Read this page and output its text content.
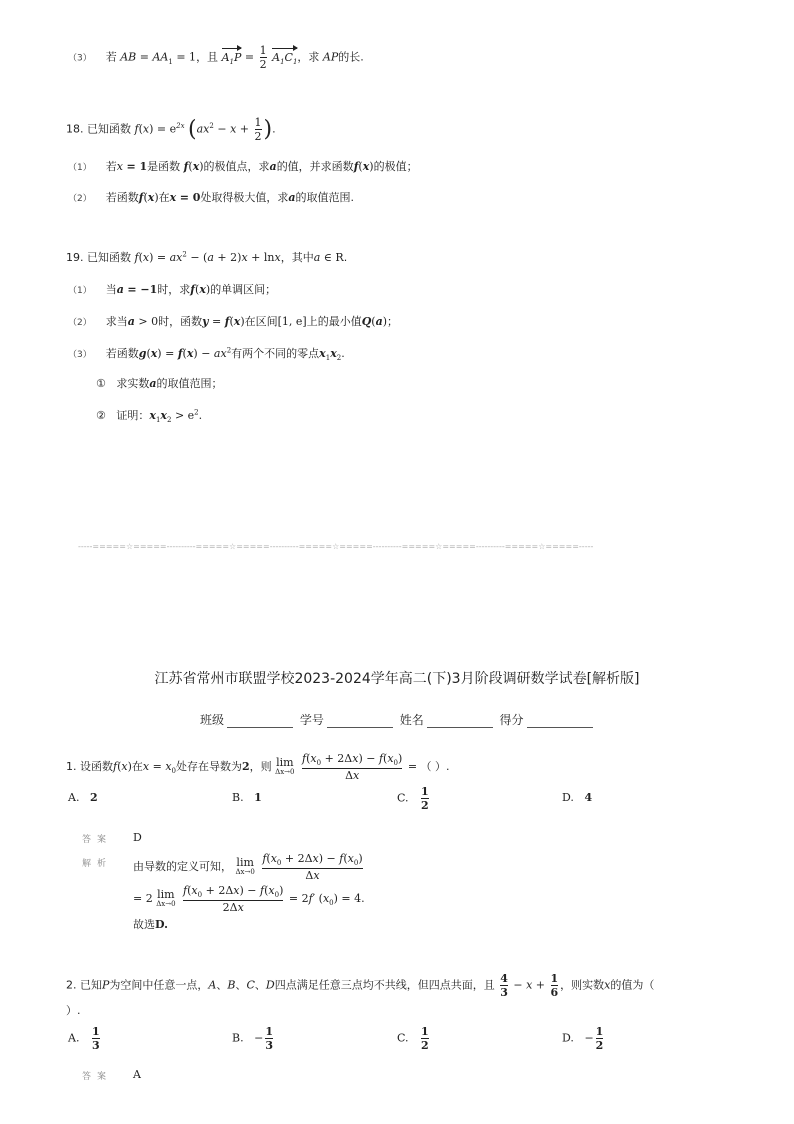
（3） 若 AB = $AA_1 = 1$，且 $A_1P = \frac{1}{2} A_1C_1$，求 AP的长.
18. 已知函数 $f(x) = e^{2x}$ ($ax^2 - x + \frac{1}{2}$ ).
（1） 若x = 1是函数 f(x)的极值点，求a的值，并求函数f(x)的极值；
（2） 若函数f(x)在x = 0处取得极大值，求a的取值范围.
19. 已知函数 $f(x) = ax^2 - (a + 2)x + \ln x$，其中a ∈ R.
（1） 当a = −1时，求f(x)的单调区间；
（2） 求当a > 0时，函数y = f(x)在区间[1, e]上的最小值Q(a)；
（3） 若函数$g(x) = f(x) - ax^2$有两个不同的零点$x_1x_2$.
① 求实数a的取值范围；
② 证明：$x_1x_2 > e^2$.
-----=====☆=====----------=====☆=====----------=====☆=====----------=====☆=====----------=====☆=====-----
江苏省常州市联盟学校2023-2024学年高二(下)3月阶段调研数学试卷[解析版]
班级	学号	姓名	得分
1. 设函数f(x)在$x = x_0$处存在导数为2，则 lim
Δx→0
$\frac{f(x_0 + 2\Delta x) - f(x_0)}{\Delta x}$ = （ ）.
A. 2	B. 1	C. $\frac{1}{2}$	D. 4
答案 D
解析 由导数的定义可知， lim
Δx→0
$\frac{f(x_0 + 2\Delta x) - f(x_0)}{\Delta x}$
= 2 lim
Δx→0
$\frac{f(x_0 + 2\Delta x) - f(x_0)}{2\Delta x} = 2f'$ $(x_0) = 4$.
故选D.
2. 已知P为空间中任意一点，A、B、C、D四点满足任意三点均不共线，但四点共面，且 $\frac{4}{3} - x + \frac{1}{6}$ ，则实数x的值为（
）.
A. $\frac{1}{3}$	B. − $\frac{1}{3}$	C. $\frac{1}{2}$	D. − $\frac{1}{2}$
答案 A
